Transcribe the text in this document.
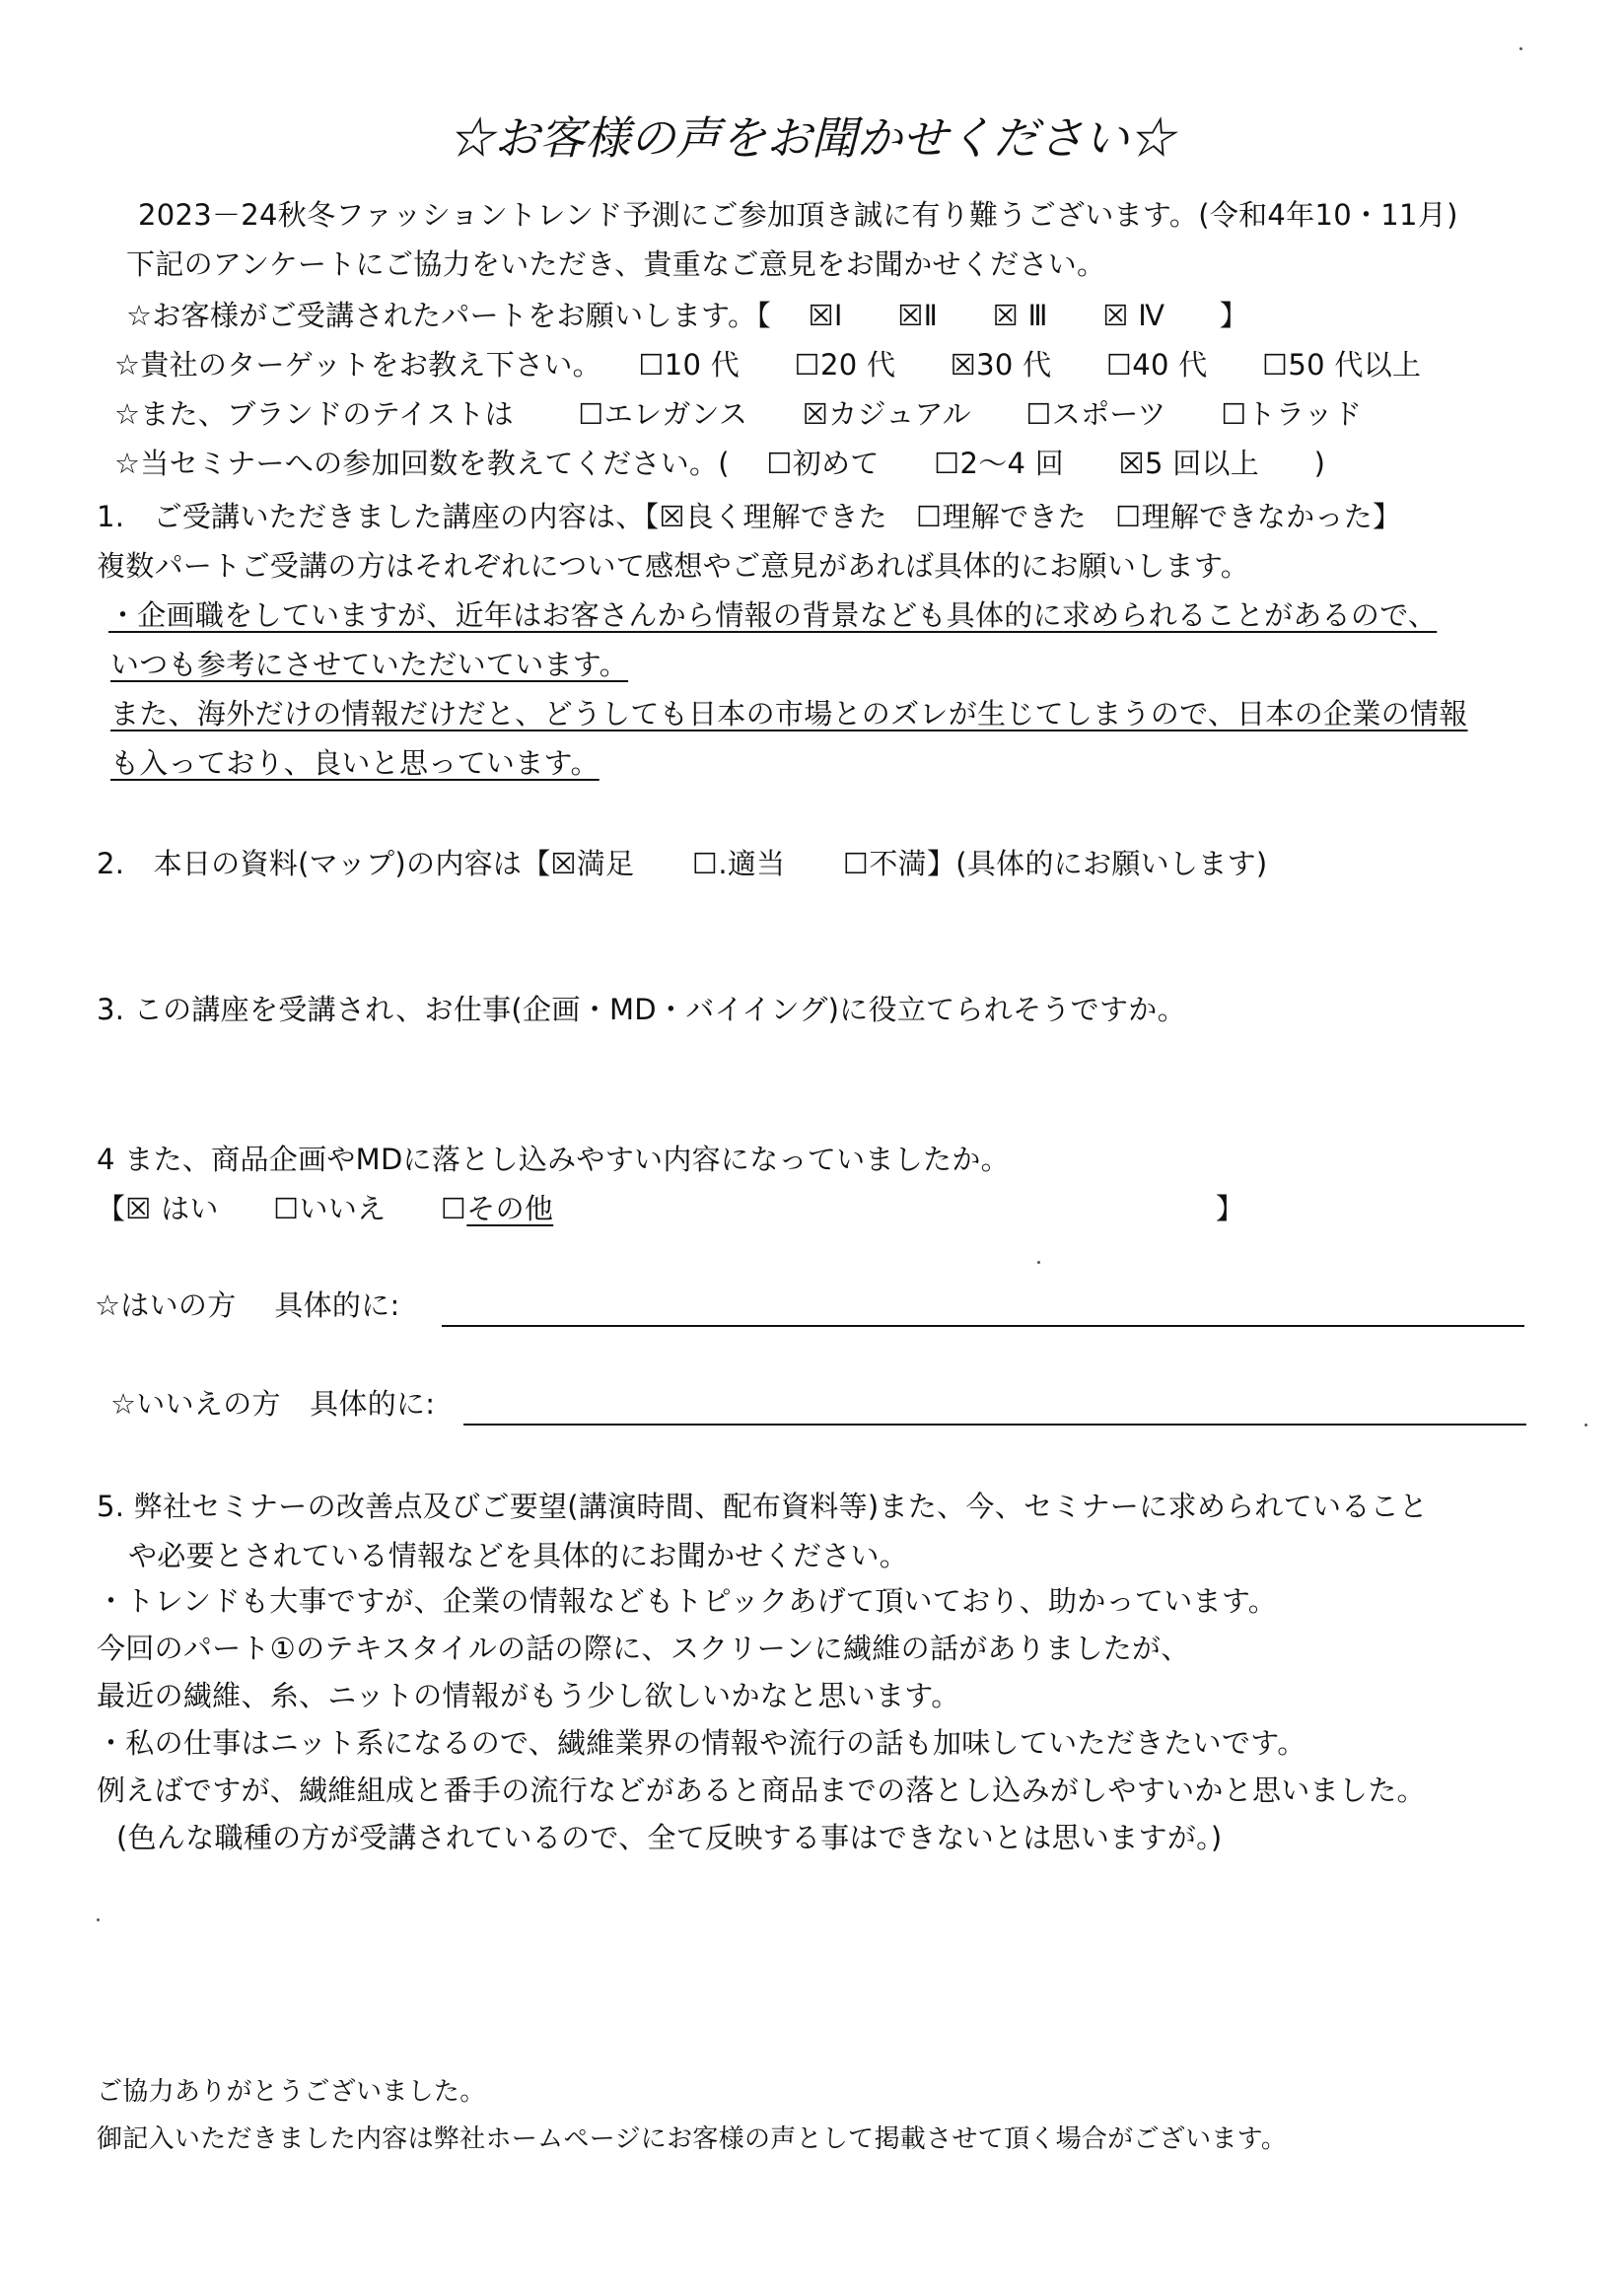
☆お客様の声をお聞かせください☆
2023－24秋冬ファッショントレンド予測にご参加頂き誠に有り難うございます。(令和4年10・11月)
下記のアンケートにご協力をいただき、貴重なご意見をお聞かせください。
☆お客様がご受講されたパートをお願いします。【 ☒Ⅰ ☒Ⅱ ☒ Ⅲ ☒ Ⅳ 】
☆貴社のターゲットをお教え下さい。 ☐10 代 ☐20 代 ☒30 代 ☐40 代 ☐50 代以上
☆また、ブランドのテイストは ☐エレガンス ☒カジュアル ☐スポーツ ☐トラッド
☆当セミナーへの参加回数を教えてください。( ☐初めて ☐2～4 回 ☒5 回以上 )
1.　ご受講いただきました講座の内容は、【☒良く理解できた　☐理解できた　☐理解できなかった】
複数パートご受講の方はそれぞれについて感想やご意見があれば具体的にお願いします。
・企画職をしていますが、近年はお客さんから情報の背景なども具体的に求められることがあるので、
いつも参考にさせていただいています。
また、海外だけの情報だけだと、どうしても日本の市場とのズレが生じてしまうので、日本の企業の情報
も入っており、良いと思っています。
2.　本日の資料(マップ)の内容は【☒満足　　☐.適当　　☐不満】(具体的にお願いします)
3. この講座を受講され、お仕事(企画・MD・バイイング)に役立てられそうですか。
4 また、商品企画やMDに落とし込みやすい内容になっていましたか。
【☒ はい ☐いいえ ☐その他	】
☆はいの方　 具体的に:
☆いいえの方　具体的に:
5. 弊社セミナーの改善点及びご要望(講演時間、配布資料等)また、今、セミナーに求められていること
や必要とされている情報などを具体的にお聞かせください。
・トレンドも大事ですが、企業の情報などもトピックあげて頂いており、助かっています。
今回のパート①のテキスタイルの話の際に、スクリーンに繊維の話がありましたが、
最近の繊維、糸、ニットの情報がもう少し欲しいかなと思います。
・私の仕事はニット系になるので、繊維業界の情報や流行の話も加味していただきたいです。
例えばですが、繊維組成と番手の流行などがあると商品までの落とし込みがしやすいかと思いました。
(色んな職種の方が受講されているので、全て反映する事はできないとは思いますが。)
ご協力ありがとうございました。
御記入いただきました内容は弊社ホームページにお客様の声として掲載させて頂く場合がございます。
